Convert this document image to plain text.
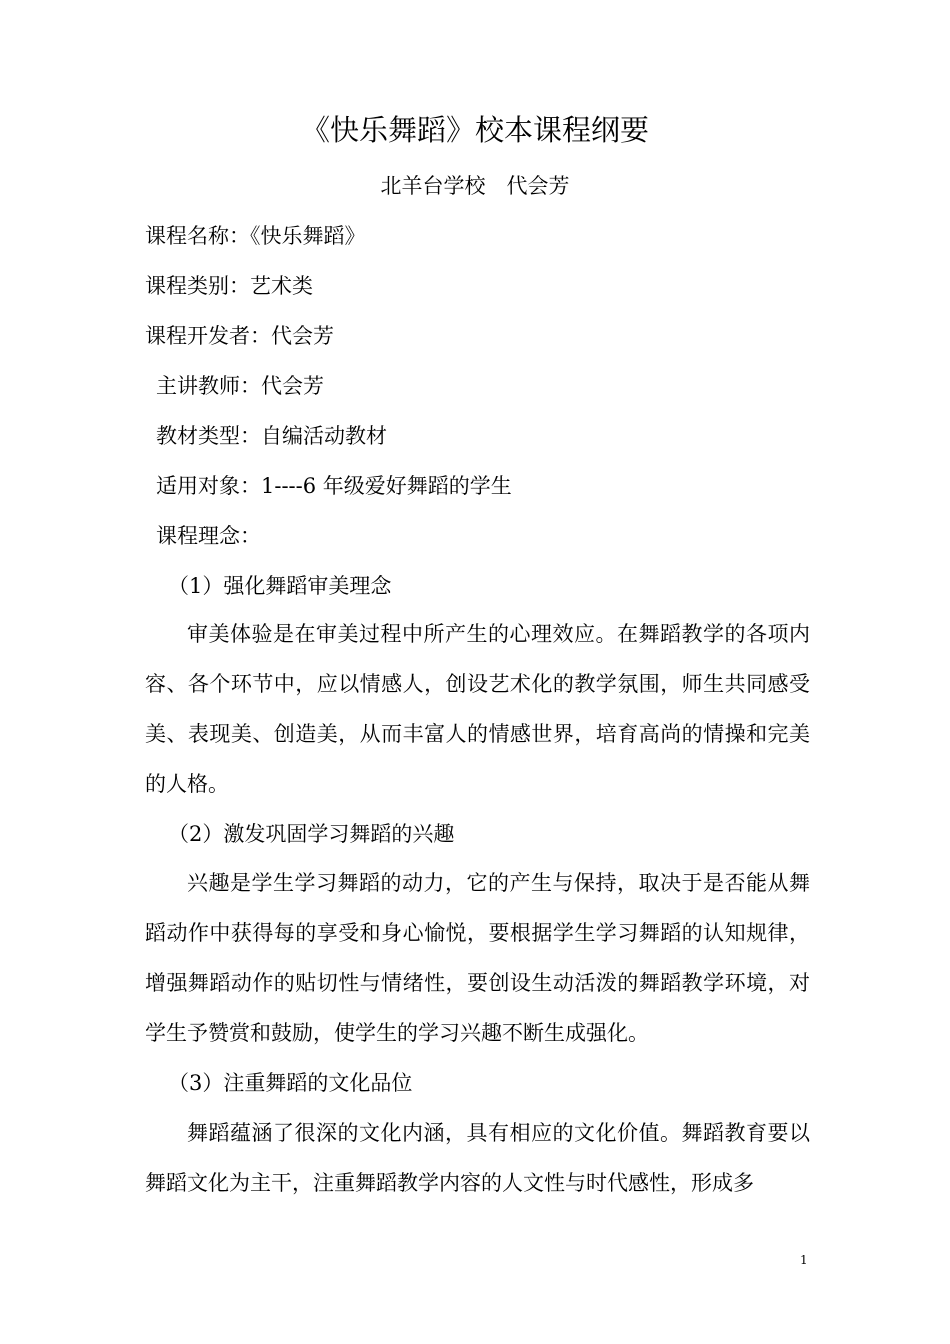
《快乐舞蹈》校本课程纲要
北羊台学校　代会芳
课程名称：《快乐舞蹈》
课程类别：艺术类
课程开发者：代会芳
主讲教师：代会芳
教材类型：自编活动教材
适用对象：1----6 年级爱好舞蹈的学生
课程理念：
（1）强化舞蹈审美理念

审美体验是在审美过程中所产生的心理效应。在舞蹈教学的各项内容、各个环节中，应以情感人，创设艺术化的教学氛围，师生共同感受美、表现美、创造美，从而丰富人的情感世界，培育高尚的情操和完美的人格。

（2）激发巩固学习舞蹈的兴趣

兴趣是学生学习舞蹈的动力，它的产生与保持，取决于是否能从舞蹈动作中获得每的享受和身心愉悦，要根据学生学习舞蹈的认知规律，增强舞蹈动作的贴切性与情绪性，要创设生动活泼的舞蹈教学环境，对学生予赞赏和鼓励，使学生的学习兴趣不断生成强化。

（3）注重舞蹈的文化品位

舞蹈蕴涵了很深的文化内涵，具有相应的文化价值。舞蹈教育要以舞蹈文化为主干，注重舞蹈教学内容的人文性与时代感性，形成多

1
